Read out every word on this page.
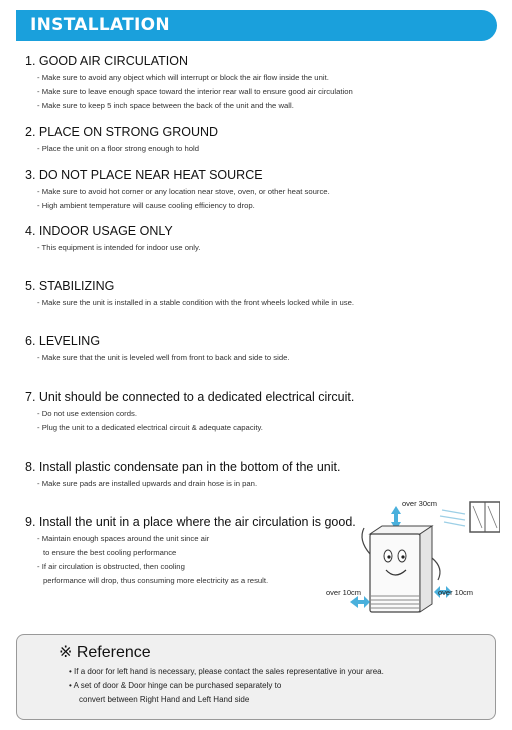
INSTALLATION
1. GOOD AIR CIRCULATION
- Make sure to avoid any object which will interrupt or block the air flow inside the unit.
- Make sure to leave enough space toward the interior rear wall to ensure good air circulation
- Make sure to keep 5 inch space between the back of the unit and the wall.
2. PLACE ON STRONG GROUND
- Place the unit on a floor strong enough to hold
3. DO NOT PLACE NEAR HEAT SOURCE
- Make sure to avoid hot corner or any location near stove, oven, or other heat source.
- High ambient temperature will cause cooling efficiency to drop.
4. INDOOR USAGE ONLY
- This equipment is intended for indoor use only.
5. STABILIZING
- Make sure the unit is installed in a stable condition with the front wheels locked while in use.
6. LEVELING
- Make sure that the unit is leveled well from front to back and side to side.
7. Unit should be connected to a dedicated electrical circuit.
- Do not use extension cords.
- Plug the unit to a dedicated electrical circuit & adequate capacity.
8. Install plastic condensate pan in the bottom of the unit.
- Make sure pads are installed upwards and drain hose is in pan.
9. Install the unit in a place where the air circulation is good.
- Maintain enough spaces around the unit since air
to ensure the best cooling performance
- If air circulation is obstructed, then cooling
performance will drop, thus consuming more electricity as a result.
over 30cm
over 10cm	over 10cm
※ Reference
• If a door for left hand is necessary, please contact the sales representative in your area.
• A set of door & Door hinge can be purchased separately to
convert between Right Hand and Left Hand side
